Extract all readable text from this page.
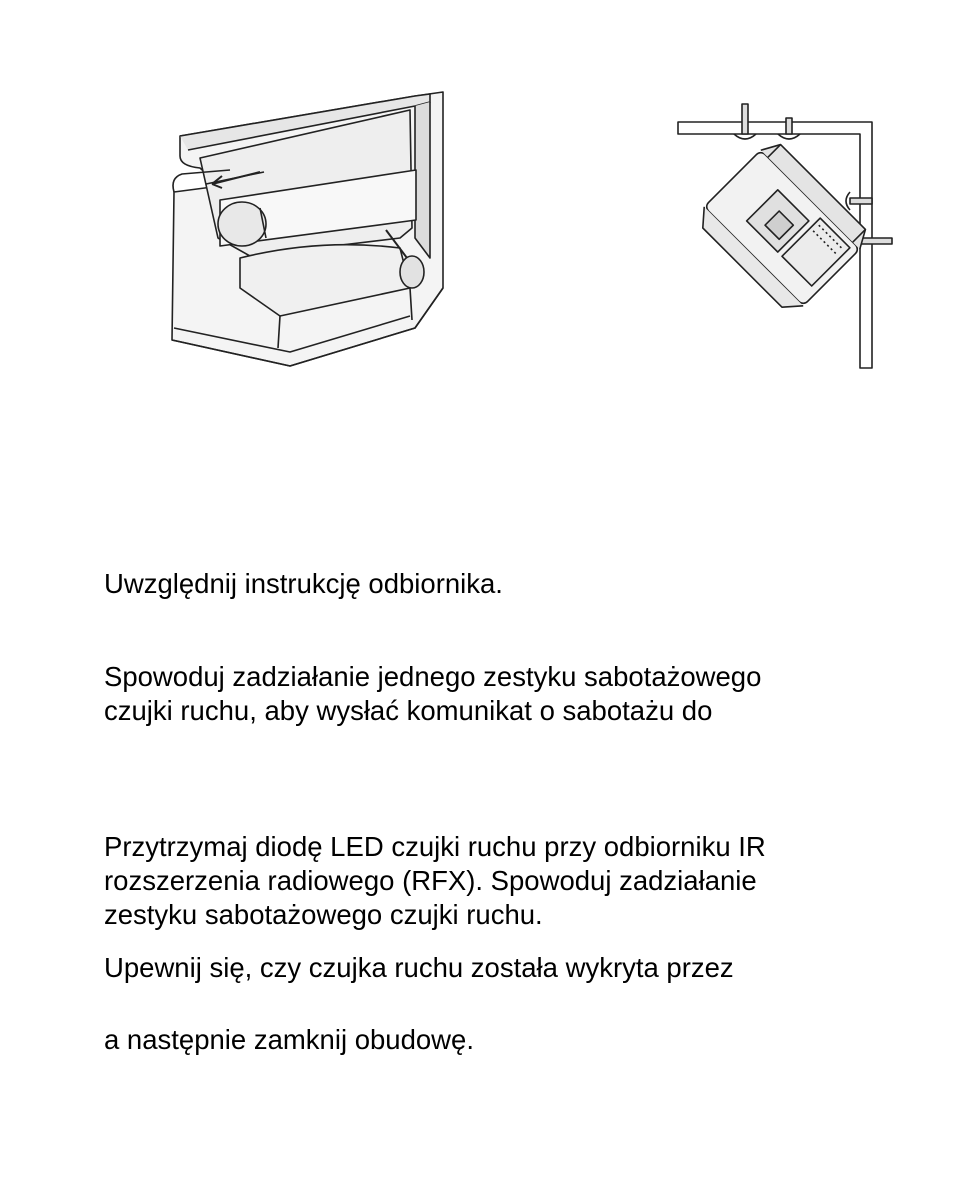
Uwzględnij instrukcję odbiornika.
Spowoduj zadziałanie jednego zestyku sabotażowego
czujki ruchu, aby wysłać komunikat o sabotażu do
Przytrzymaj diodę LED czujki ruchu przy odbiorniku IR
rozszerzenia radiowego (RFX). Spowoduj zadziałanie
zestyku sabotażowego czujki ruchu.
Upewnij się, czy czujka ruchu została wykryta przez
a następnie zamknij obudowę.
